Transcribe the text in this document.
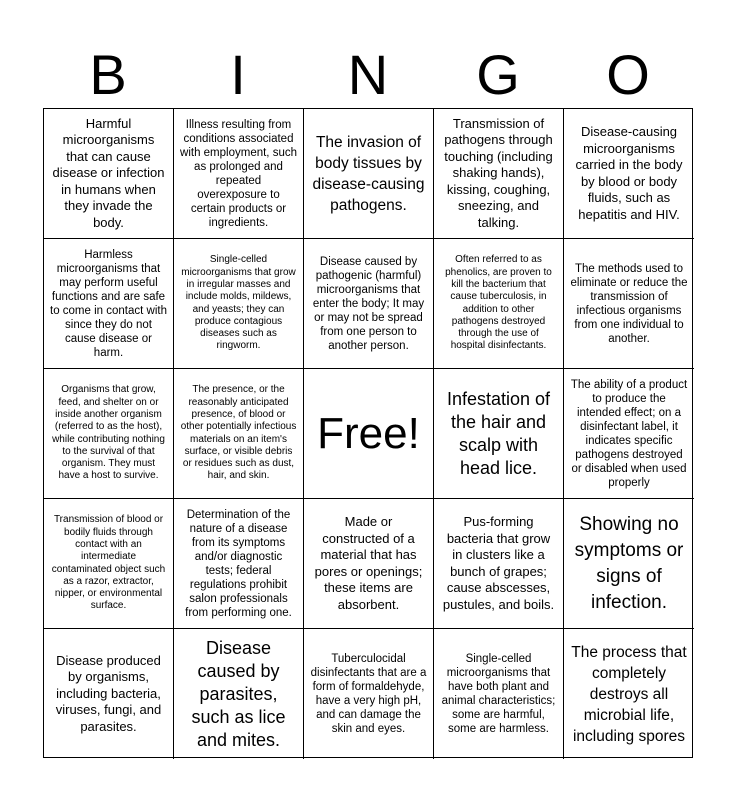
B	I	N	G	O
Harmful microorganisms that can cause disease or infection in humans when they invade the body.
Illness resulting from conditions associated with employment, such as prolonged and repeated overexposure to certain products or ingredients.
The invasion of body tissues by disease-causing pathogens.
Transmission of pathogens through touching (including shaking hands), kissing, coughing, sneezing, and talking.
Disease-causing microorganisms carried in the body by blood or body fluids, such as hepatitis and HIV.
Harmless microorganisms that may perform useful functions and are safe to come in contact with since they do not cause disease or harm.
Single-celled microorganisms that grow in irregular masses and include molds, mildews, and yeasts; they can produce contagious diseases such as ringworm.
Disease caused by pathogenic (harmful) microorganisms that enter the body; It may or may not be spread from one person to another person.
Often referred to as phenolics, are proven to kill the bacterium that cause tuberculosis, in addition to other pathogens destroyed through the use of hospital disinfectants.
The methods used to eliminate or reduce the transmission of infectious organisms from one individual to another.
Organisms that grow, feed, and shelter on or inside another organism (referred to as the host), while contributing nothing to the survival of that organism. They must have a host to survive.
The presence, or the reasonably anticipated presence, of blood or other potentially infectious materials on an item's surface, or visible debris or residues such as dust, hair, and skin.
Free!
Infestation of the hair and scalp with head lice.
The ability of a product to produce the intended effect; on a disinfectant label, it indicates specific pathogens destroyed or disabled when used properly
Transmission of blood or bodily fluids through contact with an intermediate contaminated object such as a razor, extractor, nipper, or environmental surface.
Determination of the nature of a disease from its symptoms and/or diagnostic tests; federal regulations prohibit salon professionals from performing one.
Made or constructed of a material that has pores or openings; these items are absorbent.
Pus-forming bacteria that grow in clusters like a bunch of grapes; cause abscesses, pustules, and boils.
Showing no symptoms or signs of infection.
Disease produced by organisms, including bacteria, viruses, fungi, and parasites.
Disease caused by parasites, such as lice and mites.
Tuberculocidal disinfectants that are a form of formaldehyde, have a very high pH, and can damage the skin and eyes.
Single-celled microorganisms that have both plant and animal characteristics; some are harmful, some are harmless.
The process that completely destroys all microbial life, including spores
